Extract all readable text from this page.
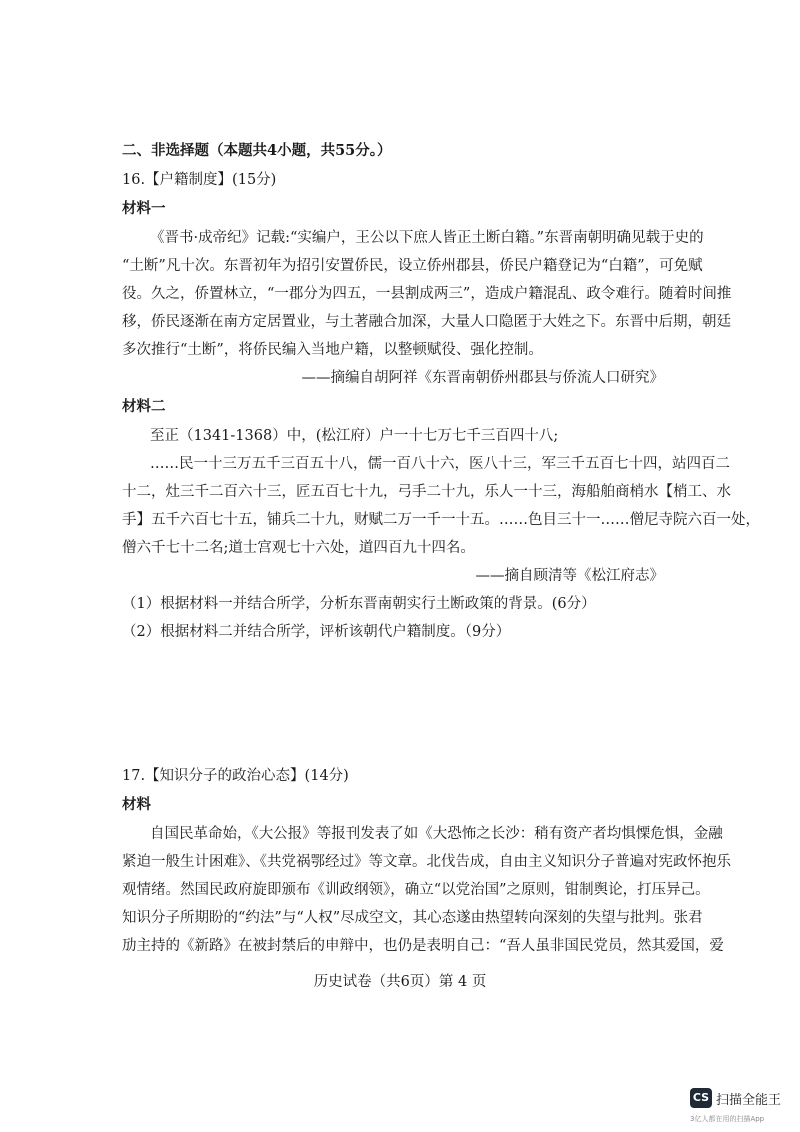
二、非选择题（本题共4小题，共55分。）
16.【户籍制度】(15分)
材料一
《晋书·成帝纪》记载:“实编户，王公以下庶人皆正土断白籍。”东晋南朝明确见载于史的
“土断”凡十次。东晋初年为招引安置侨民，设立侨州郡县，侨民户籍登记为“白籍”，可免赋
役。久之，侨置林立，“一郡分为四五，一县割成两三”，造成户籍混乱、政令难行。随着时间推
移，侨民逐渐在南方定居置业，与土著融合加深，大量人口隐匿于大姓之下。东晋中后期，朝廷
多次推行“土断”，将侨民编入当地户籍，以整顿赋役、强化控制。
——摘编自胡阿祥《东晋南朝侨州郡县与侨流人口研究》
材料二
至正（1341-1368）中，(松江府）户一十七万七千三百四十八;
……民一十三万五千三百五十八，儒一百八十六，医八十三，军三千五百七十四，站四百二
十二，灶三千二百六十三，匠五百七十九，弓手二十九，乐人一十三，海船舶商梢水【梢工、水
手】五千六百七十五，铺兵二十九，财赋二万一千一十五。……色目三十一……僧尼寺院六百一处，
僧六千七十二名;道士宫观七十六处，道四百九十四名。
——摘自顾清等《松江府志》
（1）根据材料一并结合所学，分析东晋南朝实行土断政策的背景。(6分）
（2）根据材料二并结合所学，评析该朝代户籍制度。（9分）
17.【知识分子的政治心态】(14分)
材料
自国民革命始，《大公报》等报刊发表了如《大恐怖之长沙：稍有资产者均惧慄危惧，金融
紧迫一般生计困难》、《共党祸鄂经过》等文章。北伐告成，自由主义知识分子普遍对宪政怀抱乐
观情绪。然国民政府旋即颁布《训政纲领》，确立“以党治国”之原则，钳制舆论，打压异己。
知识分子所期盼的“约法”与“人权”尽成空文，其心态遂由热望转向深刻的失望与批判。张君
劢主持的《新路》在被封禁后的申辩中，也仍是表明自己：“吾人虽非国民党员，然其爱国，爱
历史试卷（共6页）第 4 页
CS 扫描全能王
3亿人都在用的扫描App
